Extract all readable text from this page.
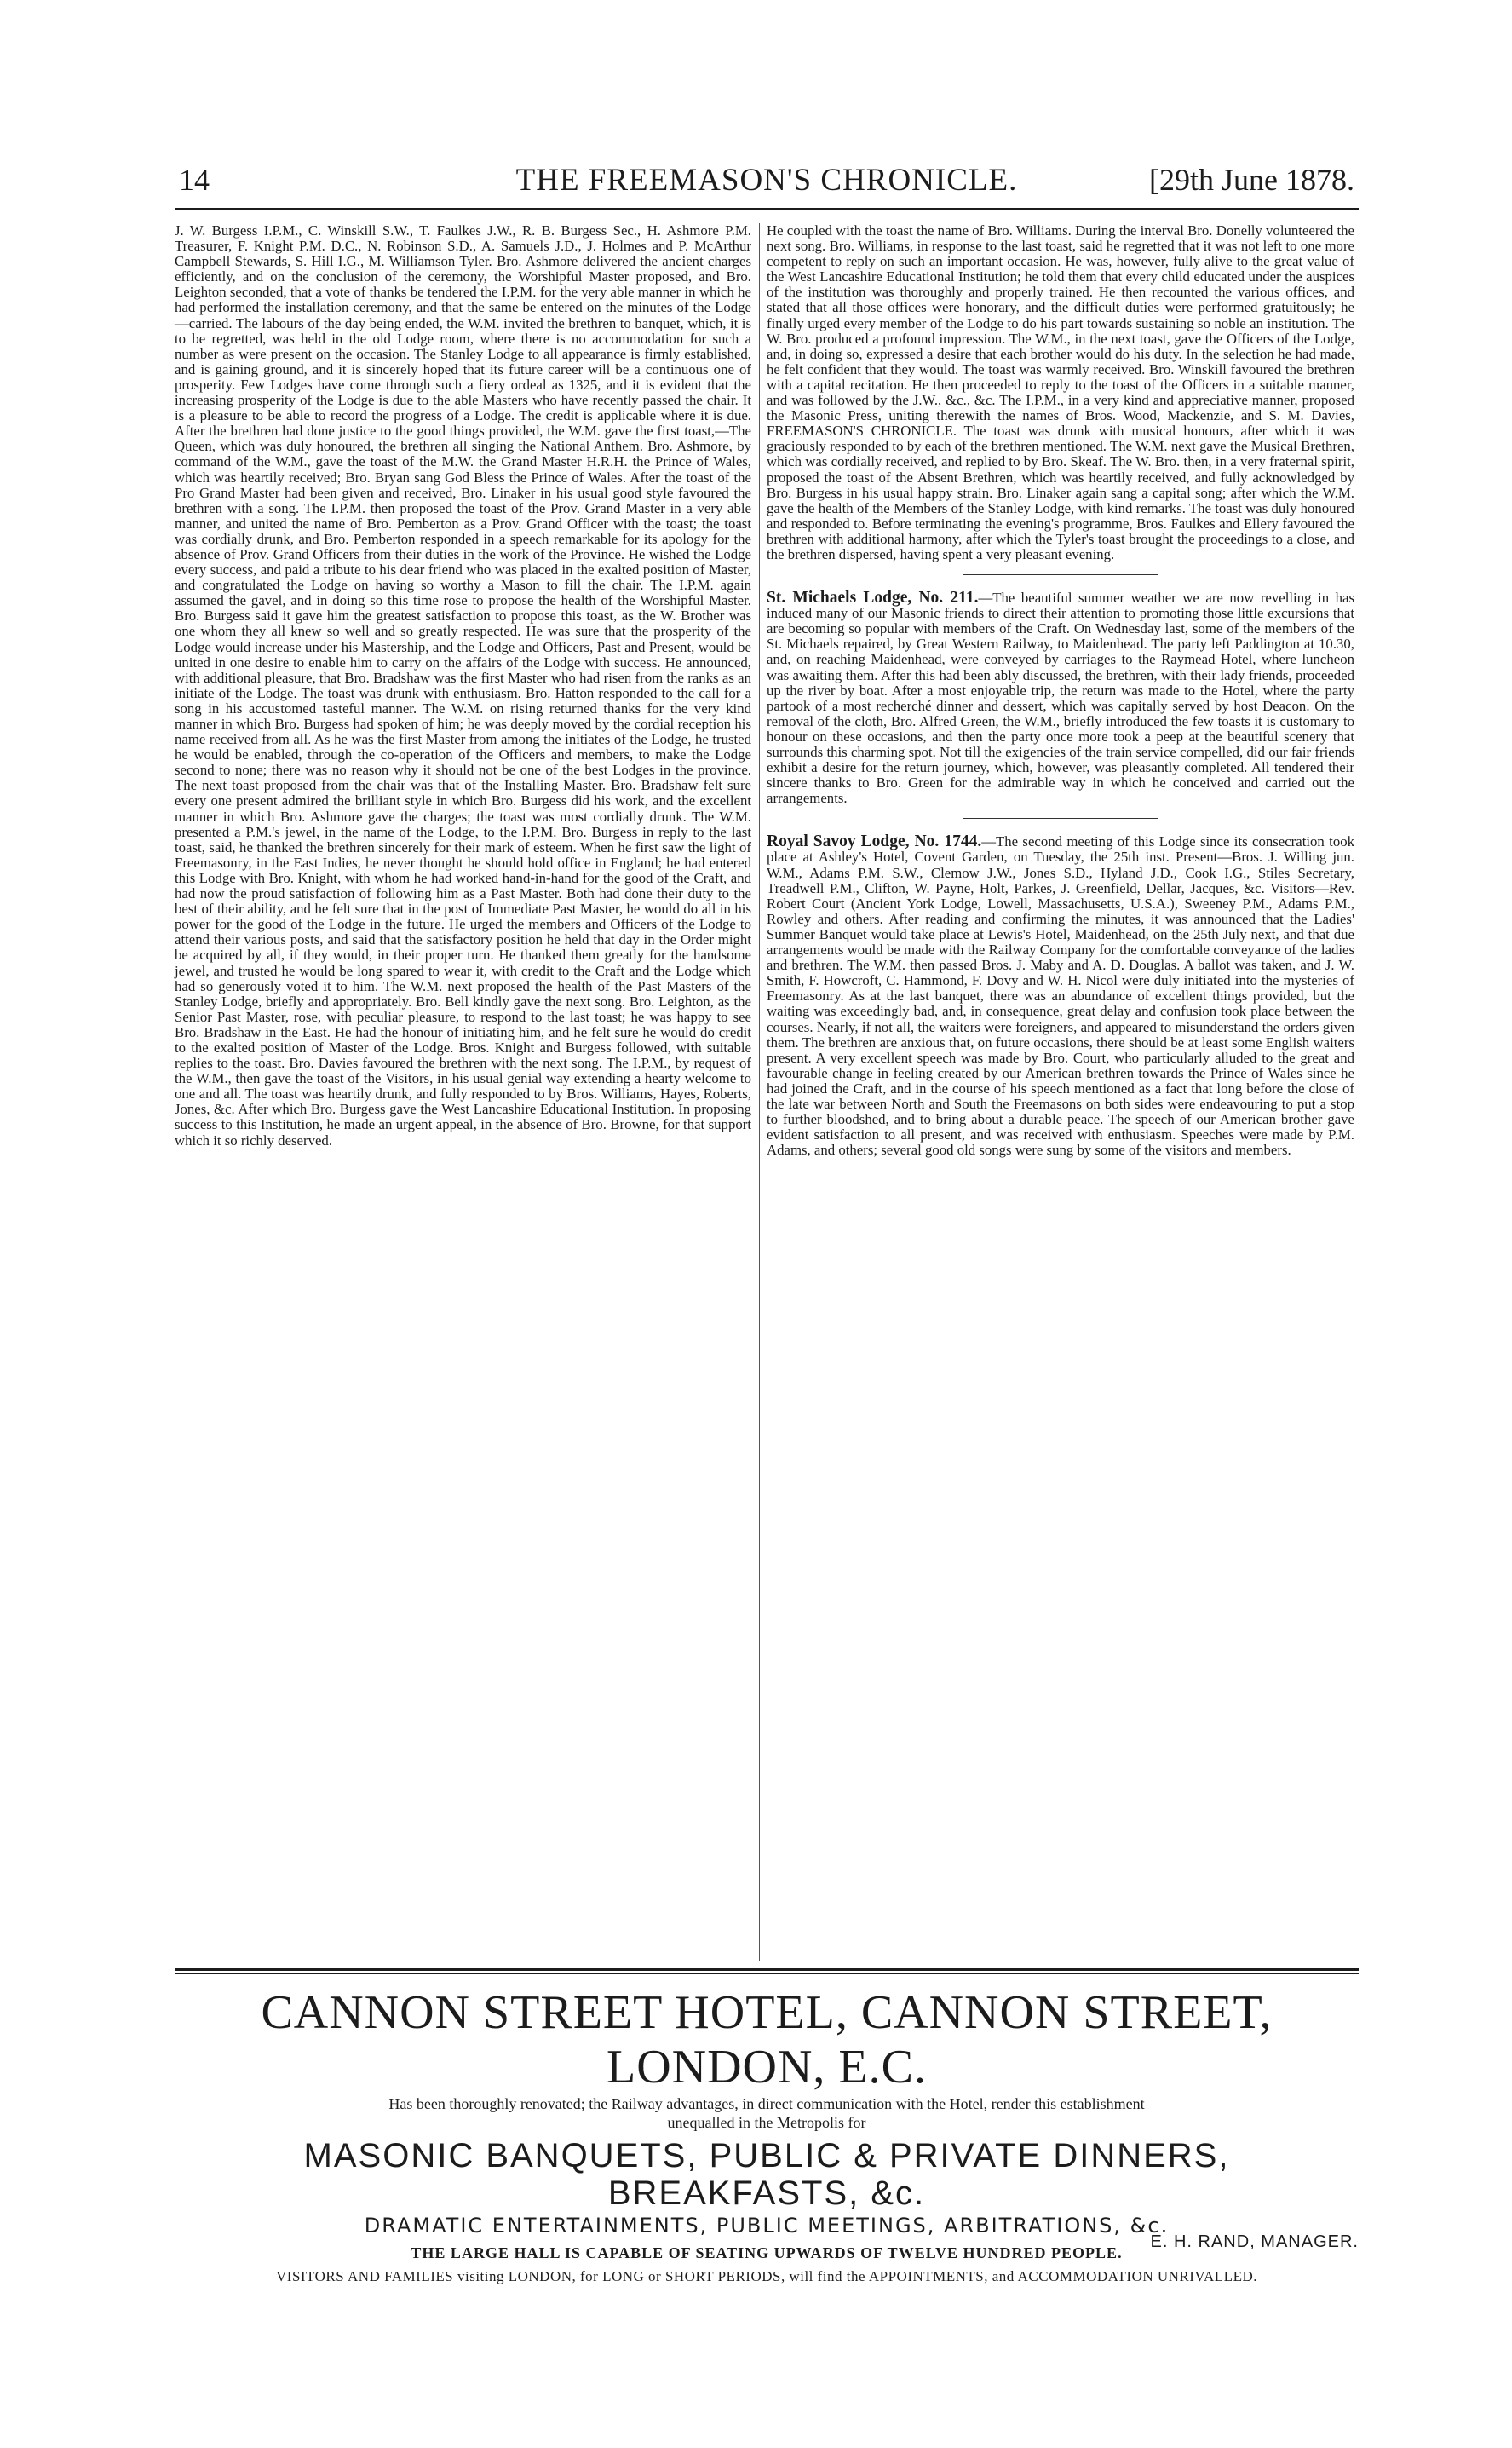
14	THE FREEMASON'S CHRONICLE.	[29th June 1878.

J. W. Burgess I.P.M., C. Winskill S.W., T. Faulkes J.W., R. B. Burgess Sec., H. Ashmore P.M. Treasurer, F. Knight P.M. D.C., N. Robinson S.D., A. Samuels J.D., J. Holmes and P. McArthur Campbell Stewards, S. Hill I.G., M. Williamson Tyler. Bro. Ashmore delivered the ancient charges efficiently, and on the conclusion of the ceremony, the Worshipful Master proposed, and Bro. Leighton seconded, that a vote of thanks be tendered the I.P.M. for the very able manner in which he had performed the installation ceremony, and that the same be entered on the minutes of the Lodge—carried. The labours of the day being ended, the W.M. invited the brethren to banquet, which, it is to be regretted, was held in the old Lodge room, where there is no accommodation for such a number as were present on the occasion. The Stanley Lodge to all appearance is firmly established, and is gaining ground, and it is sincerely hoped that its future career will be a continuous one of prosperity. Few Lodges have come through such a fiery ordeal as 1325, and it is evident that the increasing prosperity of the Lodge is due to the able Masters who have recently passed the chair. It is a pleasure to be able to record the progress of a Lodge. The credit is applicable where it is due. After the brethren had done justice to the good things provided, the W.M. gave the first toast,—The Queen, which was duly honoured, the brethren all singing the National Anthem. Bro. Ashmore, by command of the W.M., gave the toast of the M.W. the Grand Master H.R.H. the Prince of Wales, which was heartily received; Bro. Bryan sang God Bless the Prince of Wales. After the toast of the Pro Grand Master had been given and received, Bro. Linaker in his usual good style favoured the brethren with a song. The I.P.M. then proposed the toast of the Prov. Grand Master in a very able manner, and united the name of Bro. Pemberton as a Prov. Grand Officer with the toast; the toast was cordially drunk, and Bro. Pemberton responded in a speech remarkable for its apology for the absence of Prov. Grand Officers from their duties in the work of the Province. He wished the Lodge every success, and paid a tribute to his dear friend who was placed in the exalted position of Master, and congratulated the Lodge on having so worthy a Mason to fill the chair. The I.P.M. again assumed the gavel, and in doing so this time rose to propose the health of the Worshipful Master. Bro. Burgess said it gave him the greatest satisfaction to propose this toast, as the W. Brother was one whom they all knew so well and so greatly respected. He was sure that the prosperity of the Lodge would increase under his Mastership, and the Lodge and Officers, Past and Present, would be united in one desire to enable him to carry on the affairs of the Lodge with success. He announced, with additional pleasure, that Bro. Bradshaw was the first Master who had risen from the ranks as an initiate of the Lodge. The toast was drunk with enthusiasm. Bro. Hatton responded to the call for a song in his accustomed tasteful manner. The W.M. on rising returned thanks for the very kind manner in which Bro. Burgess had spoken of him; he was deeply moved by the cordial reception his name received from all. As he was the first Master from among the initiates of the Lodge, he trusted he would be enabled, through the co-operation of the Officers and members, to make the Lodge second to none; there was no reason why it should not be one of the best Lodges in the province. The next toast proposed from the chair was that of the Installing Master. Bro. Bradshaw felt sure every one present admired the brilliant style in which Bro. Burgess did his work, and the excellent manner in which Bro. Ashmore gave the charges; the toast was most cordially drunk. The W.M. presented a P.M.'s jewel, in the name of the Lodge, to the I.P.M. Bro. Burgess in reply to the last toast, said, he thanked the brethren sincerely for their mark of esteem. When he first saw the light of Freemasonry, in the East Indies, he never thought he should hold office in England; he had entered this Lodge with Bro. Knight, with whom he had worked hand-in-hand for the good of the Craft, and had now the proud satisfaction of following him as a Past Master. Both had done their duty to the best of their ability, and he felt sure that in the post of Immediate Past Master, he would do all in his power for the good of the Lodge in the future. He urged the members and Officers of the Lodge to attend their various posts, and said that the satisfactory position he held that day in the Order might be acquired by all, if they would, in their proper turn. He thanked them greatly for the handsome jewel, and trusted he would be long spared to wear it, with credit to the Craft and the Lodge which had so generously voted it to him. The W.M. next proposed the health of the Past Masters of the Stanley Lodge, briefly and appropriately. Bro. Bell kindly gave the next song. Bro. Leighton, as the Senior Past Master, rose, with peculiar pleasure, to respond to the last toast; he was happy to see Bro. Bradshaw in the East. He had the honour of initiating him, and he felt sure he would do credit to the exalted position of Master of the Lodge. Bros. Knight and Burgess followed, with suitable replies to the toast. Bro. Davies favoured the brethren with the next song. The I.P.M., by request of the W.M., then gave the toast of the Visitors, in his usual genial way extending a hearty welcome to one and all. The toast was heartily drunk, and fully responded to by Bros. Williams, Hayes, Roberts, Jones, &c. After which Bro. Burgess gave the West Lancashire Educational Institution. In proposing success to this Institution, he made an urgent appeal, in the absence of Bro. Browne, for that support which it so richly deserved.

He coupled with the toast the name of Bro. Williams. During the interval Bro. Donelly volunteered the next song. Bro. Williams, in response to the last toast, said he regretted that it was not left to one more competent to reply on such an important occasion. He was, however, fully alive to the great value of the West Lancashire Educational Institution; he told them that every child educated under the auspices of the institution was thoroughly and properly trained. He then recounted the various offices, and stated that all those offices were honorary, and the difficult duties were performed gratuitously; he finally urged every member of the Lodge to do his part towards sustaining so noble an institution. The W. Bro. produced a profound impression. The W.M., in the next toast, gave the Officers of the Lodge, and, in doing so, expressed a desire that each brother would do his duty. In the selection he had made, he felt confident that they would. The toast was warmly received. Bro. Winskill favoured the brethren with a capital recitation. He then proceeded to reply to the toast of the Officers in a suitable manner, and was followed by the J.W., &c., &c. The I.P.M., in a very kind and appreciative manner, proposed the Masonic Press, uniting therewith the names of Bros. Wood, Mackenzie, and S. M. Davies, FREEMASON'S CHRONICLE. The toast was drunk with musical honours, after which it was graciously responded to by each of the brethren mentioned. The W.M. next gave the Musical Brethren, which was cordially received, and replied to by Bro. Skeaf. The W. Bro. then, in a very fraternal spirit, proposed the toast of the Absent Brethren, which was heartily received, and fully acknowledged by Bro. Burgess in his usual happy strain. Bro. Linaker again sang a capital song; after which the W.M. gave the health of the Members of the Stanley Lodge, with kind remarks. The toast was duly honoured and responded to. Before terminating the evening's programme, Bros. Faulkes and Ellery favoured the brethren with additional harmony, after which the Tyler's toast brought the proceedings to a close, and the brethren dispersed, having spent a very pleasant evening.

St. Michaels Lodge, No. 211.—The beautiful summer weather we are now revelling in has induced many of our Masonic friends to direct their attention to promoting those little excursions that are becoming so popular with members of the Craft. On Wednesday last, some of the members of the St. Michaels repaired, by Great Western Railway, to Maidenhead. The party left Paddington at 10.30, and, on reaching Maidenhead, were conveyed by carriages to the Raymead Hotel, where luncheon was awaiting them. After this had been ably discussed, the brethren, with their lady friends, proceeded up the river by boat. After a most enjoyable trip, the return was made to the Hotel, where the party partook of a most recherché dinner and dessert, which was capitally served by host Deacon. On the removal of the cloth, Bro. Alfred Green, the W.M., briefly introduced the few toasts it is customary to honour on these occasions, and then the party once more took a peep at the beautiful scenery that surrounds this charming spot. Not till the exigencies of the train service compelled, did our fair friends exhibit a desire for the return journey, which, however, was pleasantly completed. All tendered their sincere thanks to Bro. Green for the admirable way in which he conceived and carried out the arrangements.

Royal Savoy Lodge, No. 1744.—The second meeting of this Lodge since its consecration took place at Ashley's Hotel, Covent Garden, on Tuesday, the 25th inst. Present—Bros. J. Willing jun. W.M., Adams P.M. S.W., Clemow J.W., Jones S.D., Hyland J.D., Cook I.G., Stiles Secretary, Treadwell P.M., Clifton, W. Payne, Holt, Parkes, J. Greenfield, Dellar, Jacques, &c. Visitors—Rev. Robert Court (Ancient York Lodge, Lowell, Massachusetts, U.S.A.), Sweeney P.M., Adams P.M., Rowley and others. After reading and confirming the minutes, it was announced that the Ladies' Summer Banquet would take place at Lewis's Hotel, Maidenhead, on the 25th July next, and that due arrangements would be made with the Railway Company for the comfortable conveyance of the ladies and brethren. The W.M. then passed Bros. J. Maby and A. D. Douglas. A ballot was taken, and J. W. Smith, F. Howcroft, C. Hammond, F. Dovy and W. H. Nicol were duly initiated into the mysteries of Freemasonry. As at the last banquet, there was an abundance of excellent things provided, but the waiting was exceedingly bad, and, in consequence, great delay and confusion took place between the courses. Nearly, if not all, the waiters were foreigners, and appeared to misunderstand the orders given them. The brethren are anxious that, on future occasions, there should be at least some English waiters present. A very excellent speech was made by Bro. Court, who particularly alluded to the great and favourable change in feeling created by our American brethren towards the Prince of Wales since he had joined the Craft, and in the course of his speech mentioned as a fact that long before the close of the late war between North and South the Freemasons on both sides were endeavouring to put a stop to further bloodshed, and to bring about a durable peace. The speech of our American brother gave evident satisfaction to all present, and was received with enthusiasm. Speeches were made by P.M. Adams, and others; several good old songs were sung by some of the visitors and members.

CANNON STREET HOTEL, CANNON STREET, LONDON, E.C.

Has been thoroughly renovated; the Railway advantages, in direct communication with the Hotel, render this establishment

unequalled in the Metropolis for

MASONIC BANQUETS, PUBLIC & PRIVATE DINNERS, BREAKFASTS, &c.

DRAMATIC ENTERTAINMENTS, PUBLIC MEETINGS, ARBITRATIONS, &c.

THE LARGE HALL IS CAPABLE OF SEATING UPWARDS OF TWELVE HUNDRED PEOPLE.

VISITORS AND FAMILIES visiting LONDON, for LONG or SHORT PERIODS, will find the APPOINTMENTS, and ACCOMMODATION UNRIVALLED.

E. H. RAND, MANAGER.
